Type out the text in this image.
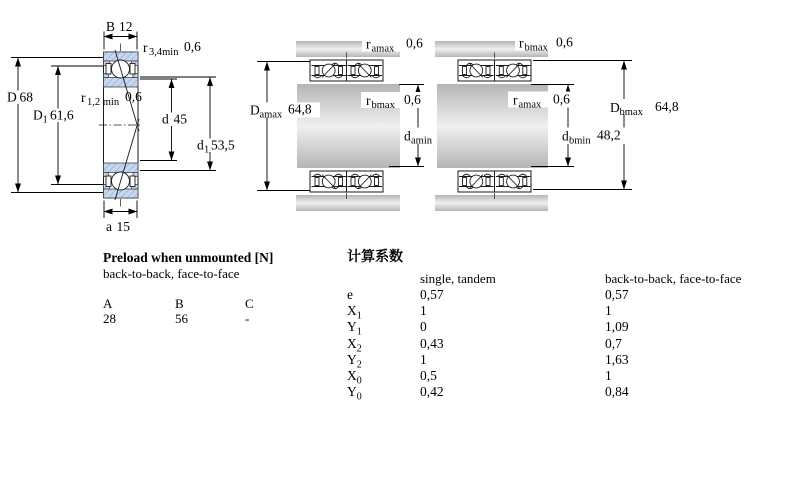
B 12
r 3,4min 0,6
r 1,2 min 0,6
D 68
D 1 61,6	d 45
d 1 53,5
a 15
r amax 0,6
r bmax 0,6
D amax 64,8
d amin
r bmax 0,6
r amax 0,6
d bmin 48,2
D bmax 64,8
Preload when unmounted [N]
back-to-back, face-to-face
A
28
B
56
C
-
计算系数
single, tandem	back-to-back, face-to-face
e
$X_1$
$Y_1$
$X_2$
$Y_2$
$X_0$
$Y_0$
0,57
1
0
0,43
1
0,5
0,42
0,57
1
1,09
0,7
1,63
1
0,84
